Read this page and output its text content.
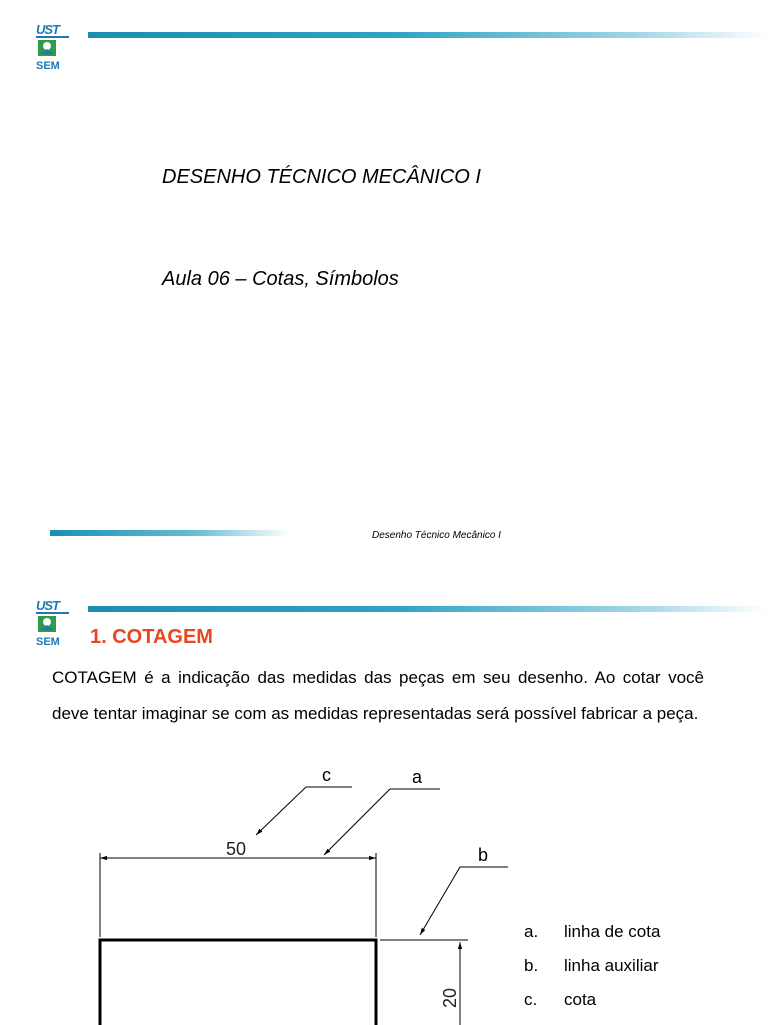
UST
SEM
DESENHO TÉCNICO MECÂNICO I
Aula 06 – Cotas, Símbolos
Desenho Técnico Mecânico I
UST
SEM	1. COTAGEM
COTAGEM é a indicação das medidas das peças em seu desenho. Ao cotar você deve tentar imaginar se com as medidas representadas será possível fabricar a peça.
50
20
c	a
b
a. linha de cota
b. linha auxiliar
c. cota
